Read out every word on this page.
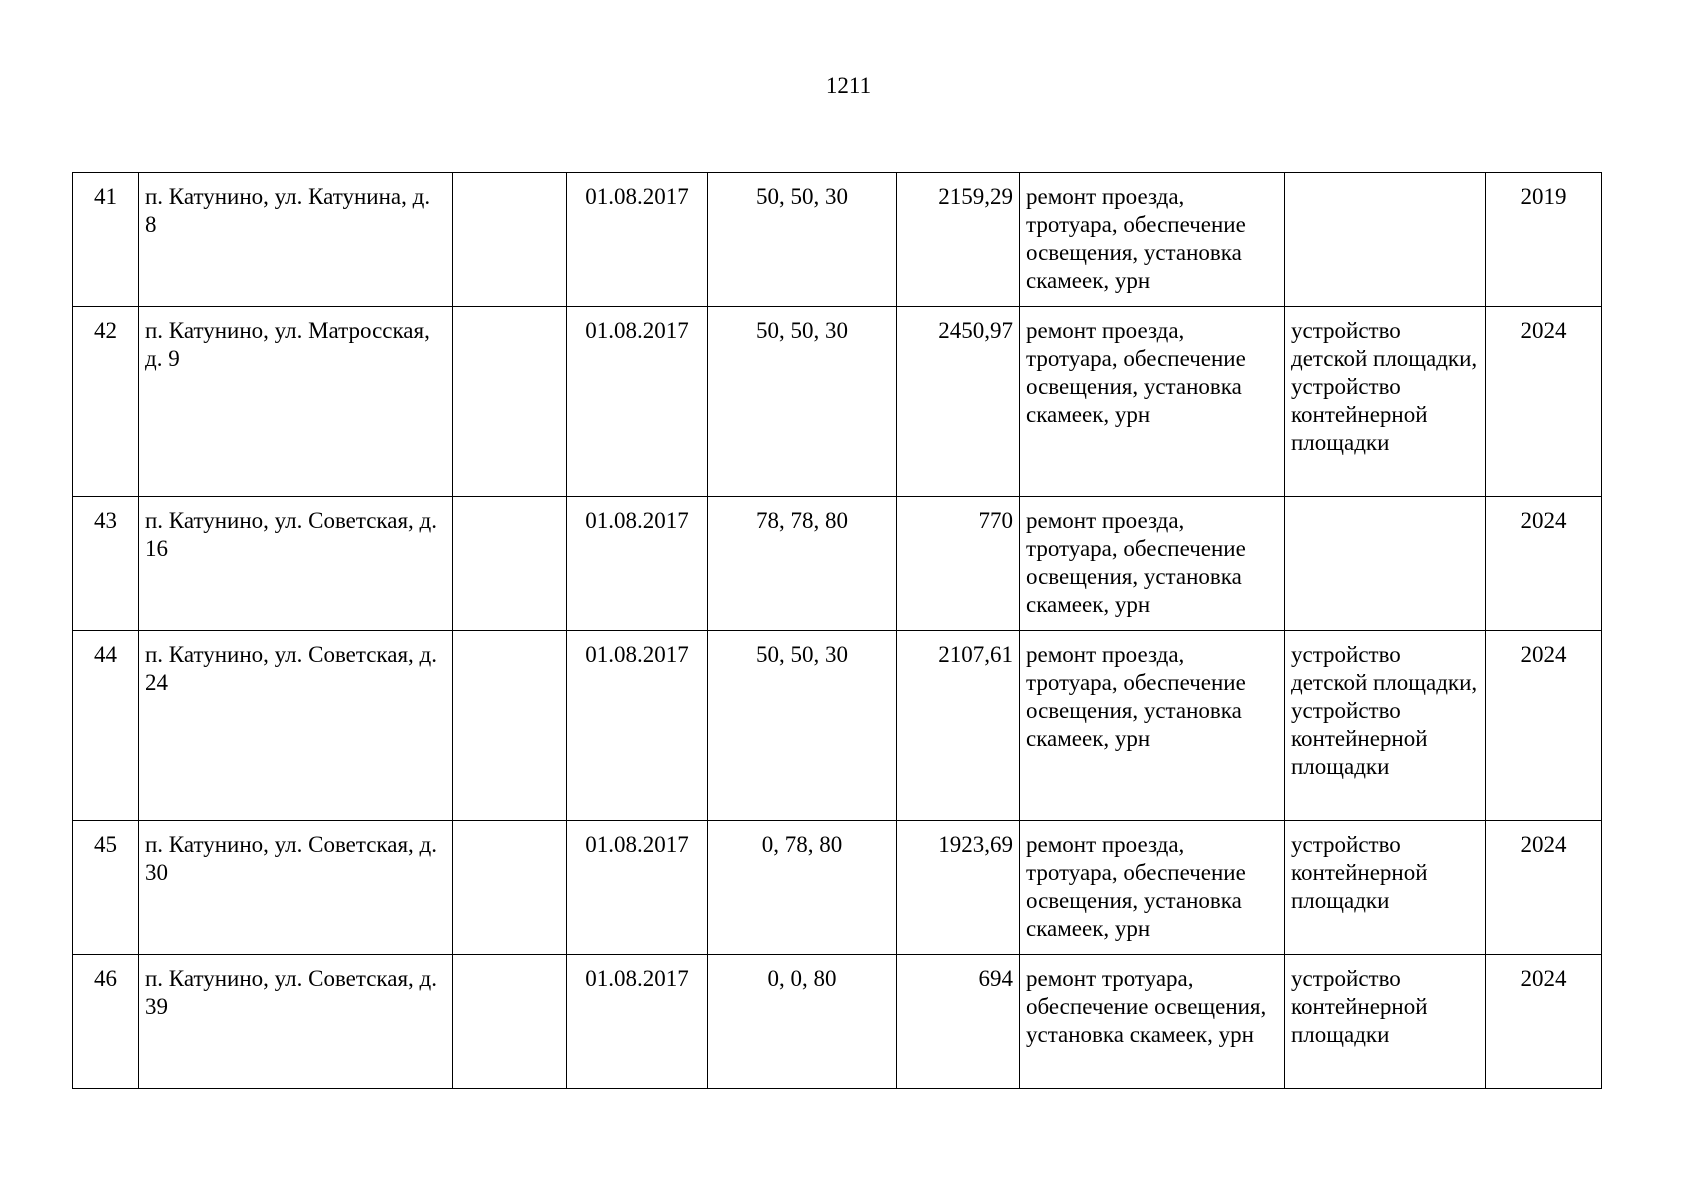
1211
41	п. Катунино, ул. Катунина, д. 8		01.08.2017	50, 50, 30	2159,29	ремонт проезда, тротуара, обеспечение освещения, установка скамеек, урн		2019
42	п. Катунино, ул. Матросская, д. 9		01.08.2017	50, 50, 30	2450,97	ремонт проезда, тротуара, обеспечение освещения, установка скамеек, урн	устройство детской площадки, устройство контейнерной площадки	2024
43	п. Катунино, ул. Советская, д. 16		01.08.2017	78, 78, 80	770	ремонт проезда, тротуара, обеспечение освещения, установка скамеек, урн		2024
44	п. Катунино, ул. Советская, д. 24		01.08.2017	50, 50, 30	2107,61	ремонт проезда, тротуара, обеспечение освещения, установка скамеек, урн	устройство детской площадки, устройство контейнерной площадки	2024
45	п. Катунино, ул. Советская, д. 30		01.08.2017	0, 78, 80	1923,69	ремонт проезда, тротуара, обеспечение освещения, установка скамеек, урн	устройство контейнерной площадки	2024
46	п. Катунино, ул. Советская, д. 39		01.08.2017	0, 0, 80	694	ремонт тротуара, обеспечение освещения, установка скамеек, урн	устройство контейнерной площадки	2024
